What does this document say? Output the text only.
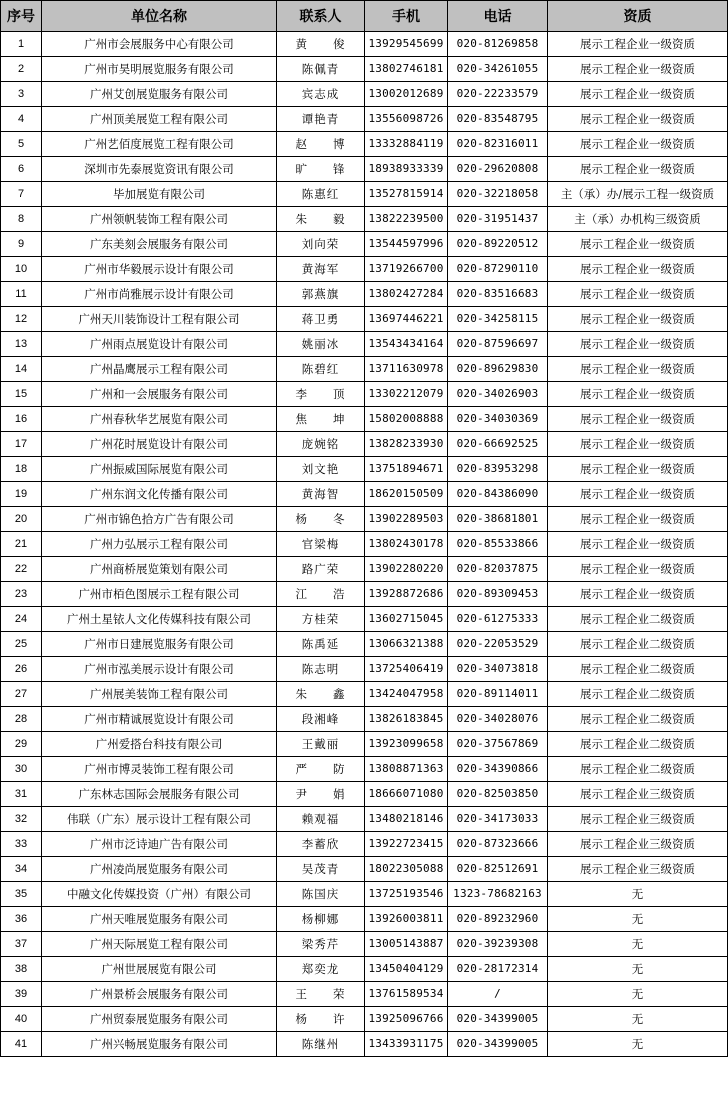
序号	单位名称	联系人	手机	电话	资质
1	广州市会展服务中心有限公司	黄　　俊	13929545699	020-81269858	展示工程企业一级资质
2	广州市昊明展览服务有限公司	陈佩青	13802746181	020-34261055	展示工程企业一级资质
3	广州艾创展览服务有限公司	宾志成	13002012689	020-22233579	展示工程企业一级资质
4	广州顶美展览工程有限公司	谭艳青	13556098726	020-83548795	展示工程企业一级资质
5	广州艺佰度展览工程有限公司	赵　　博	13332884119	020-82316011	展示工程企业一级资质
6	深圳市先泰展览资讯有限公司	旷　　锋	18938933339	020-29620808	展示工程企业一级资质
7	毕加展览有限公司	陈惠红	13527815914	020-32218058	主（承）办/展示工程一级资质
8	广州领帆装饰工程有限公司	朱　　毅	13822239500	020-31951437	主（承）办机构三级资质
9	广东美刻会展服务有限公司	刘向荣	13544597996	020-89220512	展示工程企业一级资质
10	广州市华毅展示设计有限公司	黄海军	13719266700	020-87290110	展示工程企业一级资质
11	广州市尚雅展示设计有限公司	郭燕旗	13802427284	020-83516683	展示工程企业一级资质
12	广州天川装饰设计工程有限公司	蒋卫勇	13697446221	020-34258115	展示工程企业一级资质
13	广州雨点展览设计有限公司	姚丽冰	13543434164	020-87596697	展示工程企业一级资质
14	广州晶鹰展示工程有限公司	陈碧红	13711630978	020-89629830	展示工程企业一级资质
15	广州和一会展服务有限公司	李　　顶	13302212079	020-34026903	展示工程企业一级资质
16	广州春秋华艺展览有限公司	焦　　坤	15802008888	020-34030369	展示工程企业一级资质
17	广州花时展览设计有限公司	庞婉铭	13828233930	020-66692525	展示工程企业一级资质
18	广州振威国际展览有限公司	刘文艳	13751894671	020-83953298	展示工程企业一级资质
19	广州东润文化传播有限公司	黄海智	18620150509	020-84386090	展示工程企业一级资质
20	广州市锦色拾方广告有限公司	杨　　冬	13902289503	020-38681801	展示工程企业一级资质
21	广州力弘展示工程有限公司	官梁梅	13802430178	020-85533866	展示工程企业一级资质
22	广州商桥展览策划有限公司	路广荣	13902280220	020-82037875	展示工程企业一级资质
23	广州市栢色图展示工程有限公司	江　　浩	13928872686	020-89309453	展示工程企业一级资质
24	广州土星铱人文化传媒科技有限公司	方桂荣	13602715045	020-61275333	展示工程企业二级资质
25	广州市日建展览服务有限公司	陈禹延	13066321388	020-22053529	展示工程企业二级资质
26	广州市泓美展示设计有限公司	陈志明	13725406419	020-34073818	展示工程企业二级资质
27	广州展美装饰工程有限公司	朱　　鑫	13424047958	020-89114011	展示工程企业二级资质
28	广州市精诚展览设计有限公司	段湘峰	13826183845	020-34028076	展示工程企业二级资质
29	广州爱搭台科技有限公司	王戴丽	13923099658	020-37567869	展示工程企业二级资质
30	广州市博灵装饰工程有限公司	严　　防	13808871363	020-34390866	展示工程企业二级资质
31	广东林志国际会展服务有限公司	尹　　娟	18666071080	020-82503850	展示工程企业三级资质
32	伟联（广东）展示设计工程有限公司	赖观福	13480218146	020-34173033	展示工程企业三级资质
33	广州市泛诗迪广告有限公司	李蓄欣	13922723415	020-87323666	展示工程企业三级资质
34	广州凌尚展览服务有限公司	吴茂青	18022305088	020-82512691	展示工程企业三级资质
35	中融文化传媒投资（广州）有限公司	陈国庆	13725193546	1323-78682163	无
36	广州天唯展览服务有限公司	杨柳娜	13926003811	020-89232960	无
37	广州天际展览工程有限公司	梁秀芹	13005143887	020-39239308	无
38	广州世展展览有限公司	郑奕龙	13450404129	020-28172314	无
39	广州景桥会展服务有限公司	王　　荣	13761589534	/	无
40	广州贸泰展览服务有限公司	杨　　许	13925096766	020-34399005	无
41	广州兴畅展览服务有限公司	陈继州	13433931175	020-34399005	无
